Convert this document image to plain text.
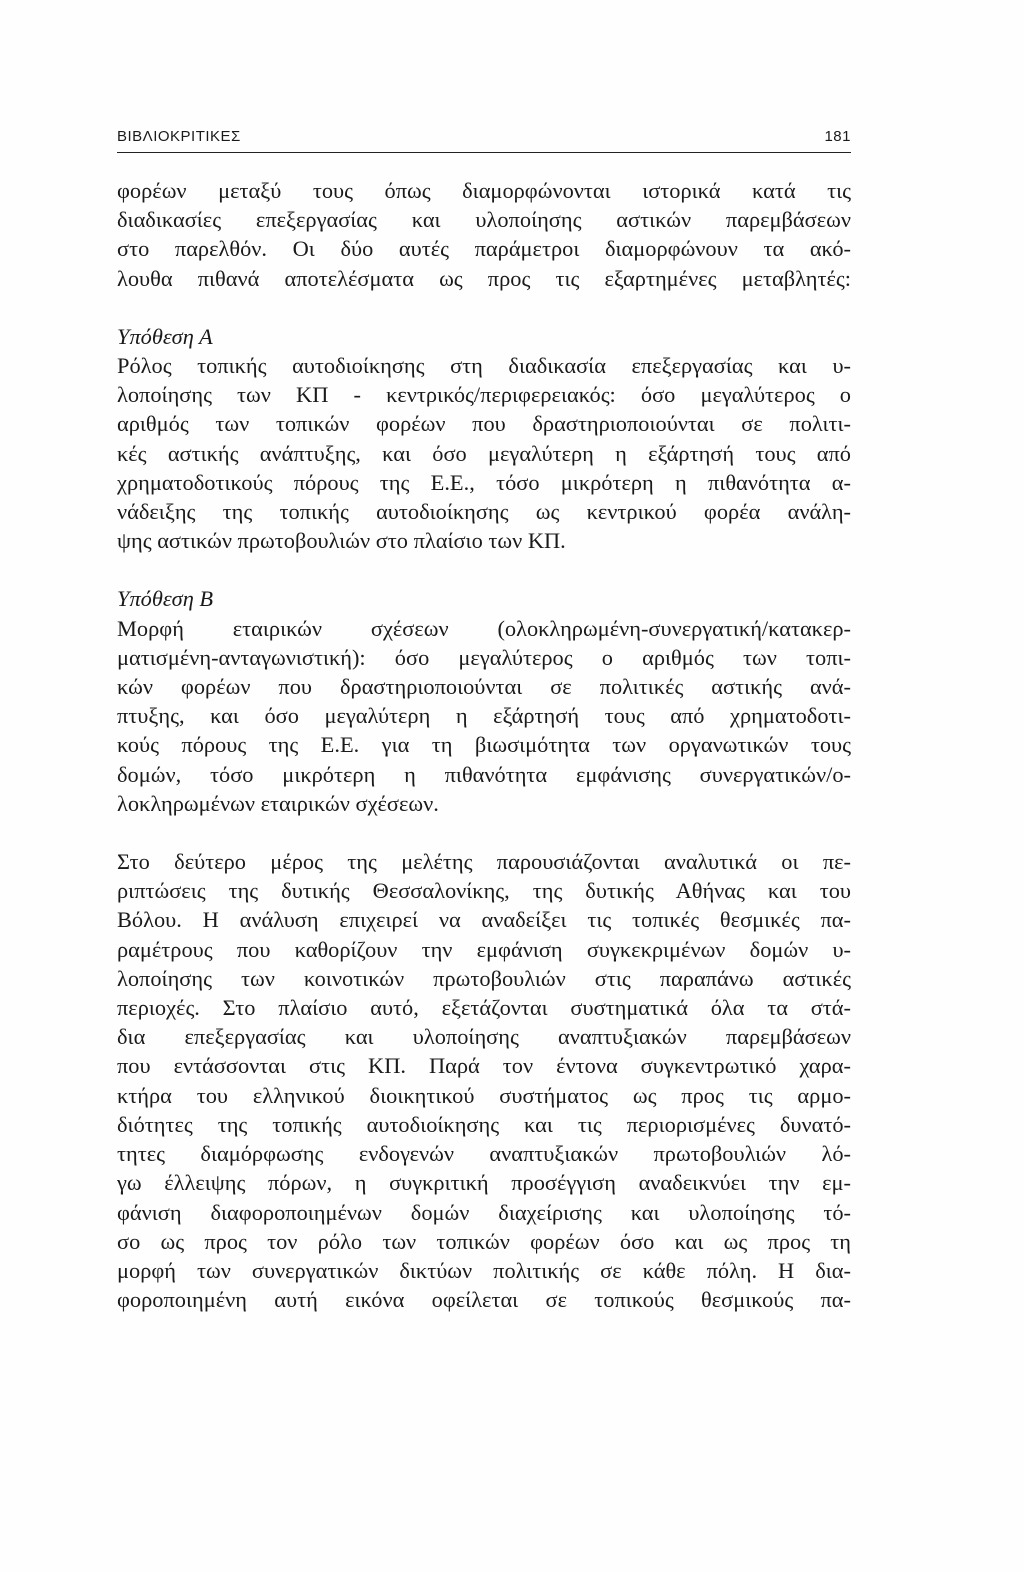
ΒΙΒΛΙΟΚΡΙΤΙΚΕΣ	181
φορέων μεταξύ τους όπως διαμορφώνονται ιστορικά κατά τις
διαδικασίες επεξεργασίας και υλοποίησης αστικών παρεμβάσεων
στο παρελθόν. Οι δύο αυτές παράμετροι διαμορφώνουν τα ακό-
λουθα πιθανά αποτελέσματα ως προς τις εξαρτημένες μεταβλητές:
Υπόθεση Α
Ρόλος τοπικής αυτοδιοίκησης στη διαδικασία επεξεργασίας και υ-
λοποίησης των ΚΠ - κεντρικός/περιφερειακός: όσο μεγαλύτερος ο
αριθμός των τοπικών φορέων που δραστηριοποιούνται σε πολιτι-
κές αστικής ανάπτυξης, και όσο μεγαλύτερη η εξάρτησή τους από
χρηματοδοτικούς πόρους της Ε.Ε., τόσο μικρότερη η πιθανότητα α-
νάδειξης της τοπικής αυτοδιοίκησης ως κεντρικού φορέα ανάλη-
ψης αστικών πρωτοβουλιών στο πλαίσιο των ΚΠ.
Υπόθεση Β
Μορφή εταιρικών σχέσεων (ολοκληρωμένη-συνεργατική/κατακερ-
ματισμένη-ανταγωνιστική): όσο μεγαλύτερος ο αριθμός των τοπι-
κών φορέων που δραστηριοποιούνται σε πολιτικές αστικής ανά-
πτυξης, και όσο μεγαλύτερη η εξάρτησή τους από χρηματοδοτι-
κούς πόρους της Ε.Ε. για τη βιωσιμότητα των οργανωτικών τους
δομών, τόσο μικρότερη η πιθανότητα εμφάνισης συνεργατικών/ο-
λοκληρωμένων εταιρικών σχέσεων.
Στο δεύτερο μέρος της μελέτης παρουσιάζονται αναλυτικά οι πε-
ριπτώσεις της δυτικής Θεσσαλονίκης, της δυτικής Αθήνας και του
Βόλου. Η ανάλυση επιχειρεί να αναδείξει τις τοπικές θεσμικές πα-
ραμέτρους που καθορίζουν την εμφάνιση συγκεκριμένων δομών υ-
λοποίησης των κοινοτικών πρωτοβουλιών στις παραπάνω αστικές
περιοχές. Στο πλαίσιο αυτό, εξετάζονται συστηματικά όλα τα στά-
δια επεξεργασίας και υλοποίησης αναπτυξιακών παρεμβάσεων
που εντάσσονται στις ΚΠ. Παρά τον έντονα συγκεντρωτικό χαρα-
κτήρα του ελληνικού διοικητικού συστήματος ως προς τις αρμο-
διότητες της τοπικής αυτοδιοίκησης και τις περιορισμένες δυνατό-
τητες διαμόρφωσης ενδογενών αναπτυξιακών πρωτοβουλιών λό-
γω έλλειψης πόρων, η συγκριτική προσέγγιση αναδεικνύει την εμ-
φάνιση διαφοροποιημένων δομών διαχείρισης και υλοποίησης τό-
σο ως προς τον ρόλο των τοπικών φορέων όσο και ως προς τη
μορφή των συνεργατικών δικτύων πολιτικής σε κάθε πόλη. Η δια-
φοροποιημένη αυτή εικόνα οφείλεται σε τοπικούς θεσμικούς πα-
